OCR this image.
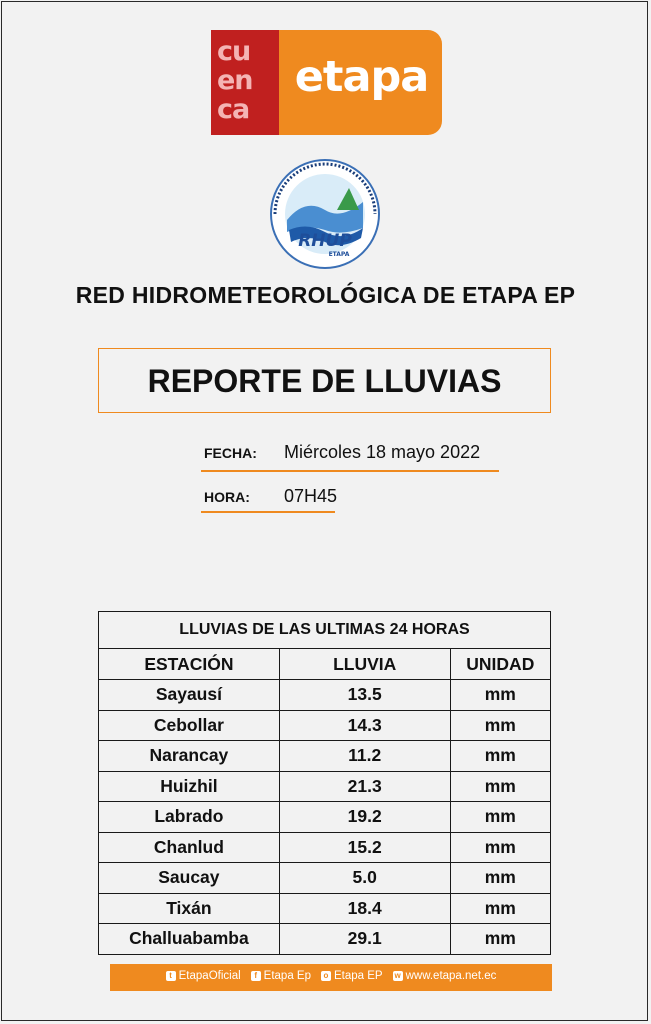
cu
en
ca
etapa
RHUP
ETAPA
RED HIDROMETEOROLÓGICA DE ETAPA EP
REPORTE DE LLUVIAS
FECHA: Miércoles 18 mayo 2022
HORA: 07H45
LLUVIAS DE LAS ULTIMAS 24 HORAS		
ESTACIÓN	LLUVIA	UNIDAD
Sayausí	13.5	mm
Cebollar	14.3	mm
Narancay	11.2	mm
Huizhil	21.3	mm
Labrado	19.2	mm
Chanlud	15.2	mm
Saucay	5.0	mm
Tixán	18.4	mm
Challuabamba	29.1	mm
t EtapaOficial	f Etapa Ep	o Etapa EP w www.etapa.net.ec
